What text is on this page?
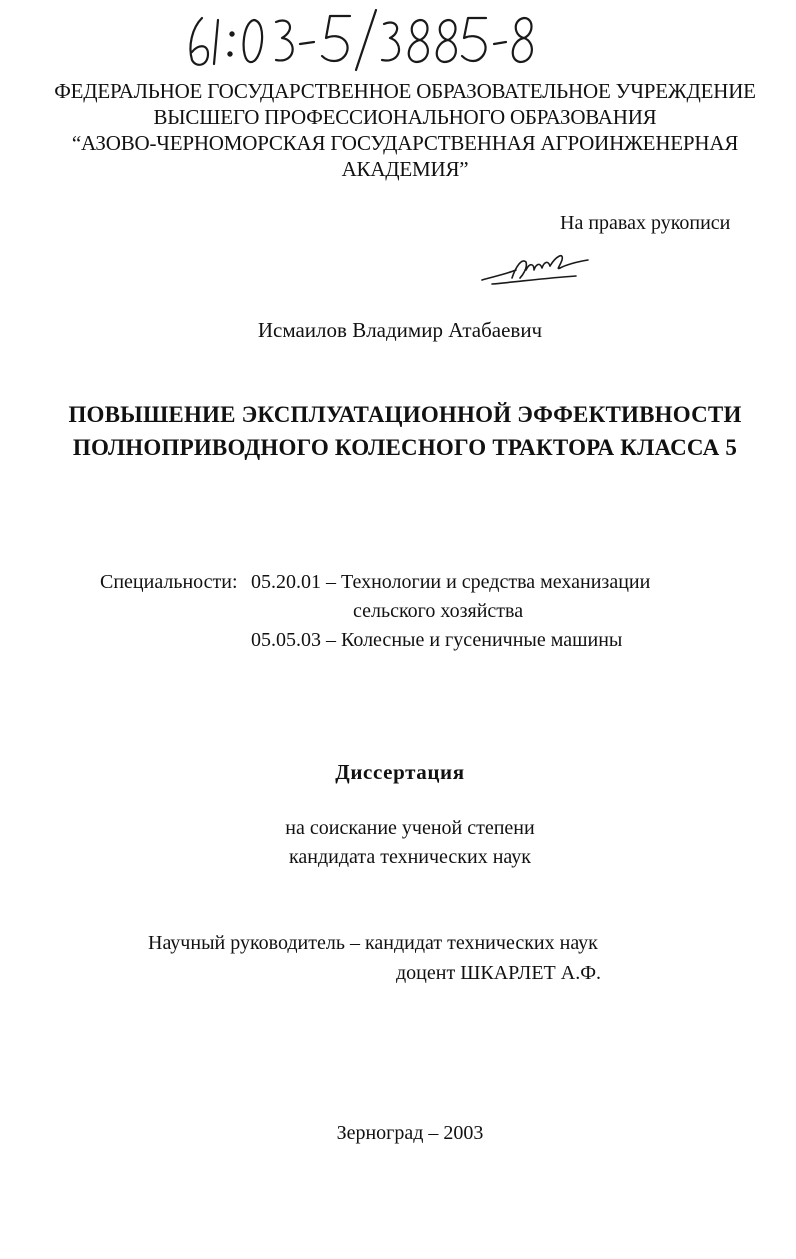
ФЕДЕРАЛЬНОЕ ГОСУДАРСТВЕННОЕ ОБРАЗОВАТЕЛЬНОЕ УЧРЕЖДЕНИЕ
ВЫСШЕГО ПРОФЕССИОНАЛЬНОГО ОБРАЗОВАНИЯ
“АЗОВО-ЧЕРНОМОРСКАЯ ГОСУДАРСТВЕННАЯ АГРОИНЖЕНЕРНАЯ
АКАДЕМИЯ”
На правах рукописи
Исмаилов Владимир Атабаевич
ПОВЫШЕНИЕ ЭКСПЛУАТАЦИОННОЙ ЭФФЕКТИВНОСТИ
ПОЛНОПРИВОДНОГО КОЛЕСНОГО ТРАКТОРА КЛАССА 5
Специальности: 05.20.01 – Технологии и средства механизации
сельского хозяйства
05.05.03 – Колесные и гусеничные машины
Диссертация
на соискание ученой степени
кандидата технических наук
Научный руководитель – кандидат технических наук
доцент ШКАРЛЕТ А.Ф.
Зерноград – 2003
